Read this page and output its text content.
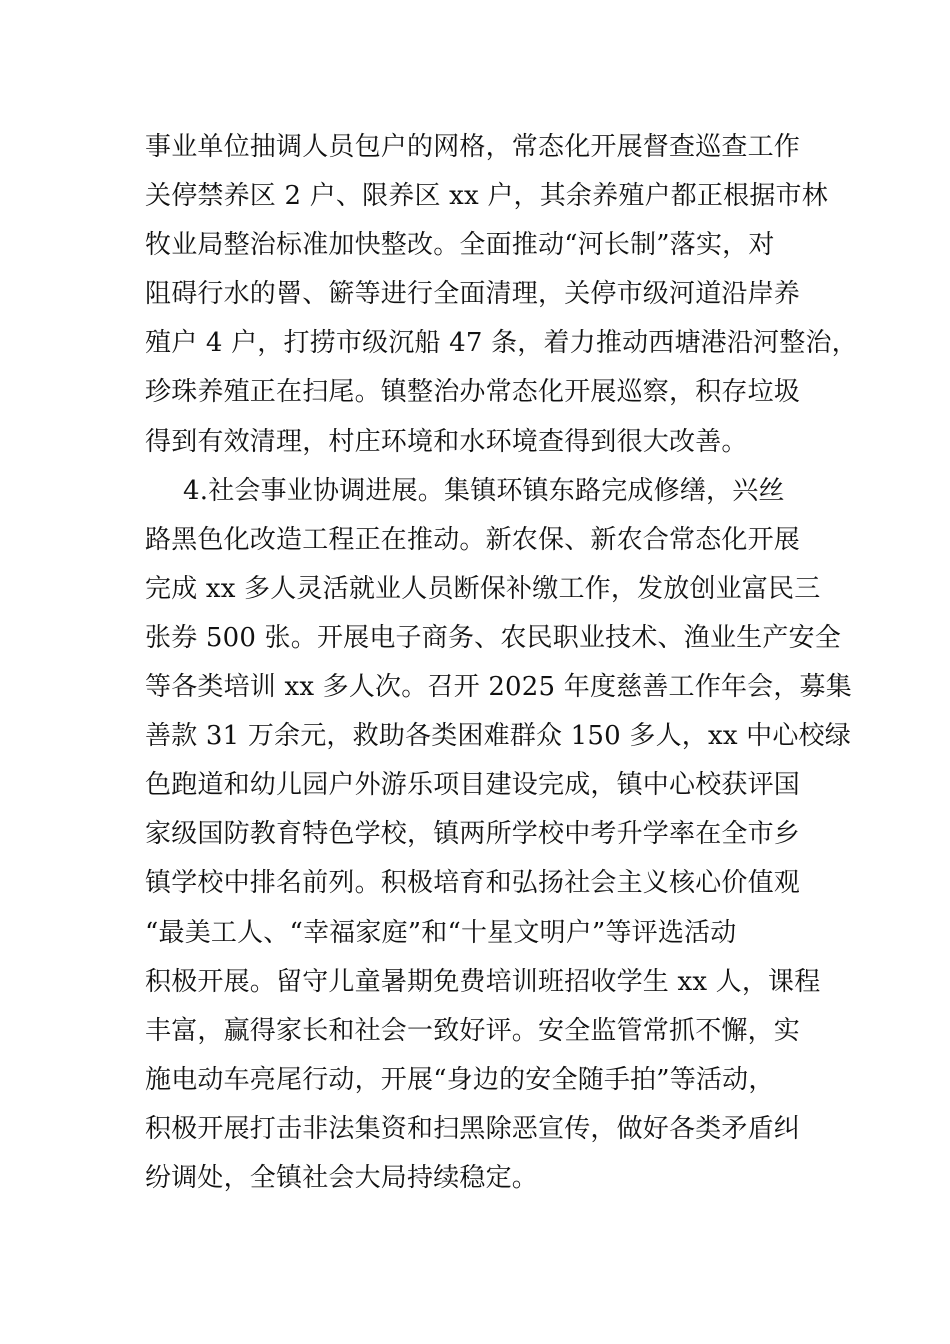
事业单位抽调人员包户的网格，常态化开展督查巡查工作
关停禁养区 2 户、限养区 xx 户，其余养殖户都正根据市林
牧业局整治标准加快整改。全面推动“河长制”落实，对
阻碍行水的罾、簖等进行全面清理，关停市级河道沿岸养
殖户 4 户，打捞市级沉船 47 条，着力推动西塘港沿河整治，
珍珠养殖正在扫尾。镇整治办常态化开展巡察，积存垃圾
得到有效清理，村庄环境和水环境查得到很大改善。
4.社会事业协调进展。集镇环镇东路完成修缮，兴丝
路黑色化改造工程正在推动。新农保、新农合常态化开展
完成 xx 多人灵活就业人员断保补缴工作，发放创业富民三
张券 500 张。开展电子商务、农民职业技术、渔业生产安全
等各类培训 xx 多人次。召开 2025 年度慈善工作年会，募集
善款 31 万余元，救助各类困难群众 150 多人，xx 中心校绿
色跑道和幼儿园户外游乐项目建设完成，镇中心校获评国
家级国防教育特色学校，镇两所学校中考升学率在全市乡
镇学校中排名前列。积极培育和弘扬社会主义核心价值观
“最美工人、“幸福家庭”和“十星文明户”等评选活动
积极开展。留守儿童暑期免费培训班招收学生 xx 人，课程
丰富，赢得家长和社会一致好评。安全监管常抓不懈，实
施电动车亮尾行动，开展“身边的安全随手拍”等活动，
积极开展打击非法集资和扫黑除恶宣传，做好各类矛盾纠
纷调处，全镇社会大局持续稳定。
